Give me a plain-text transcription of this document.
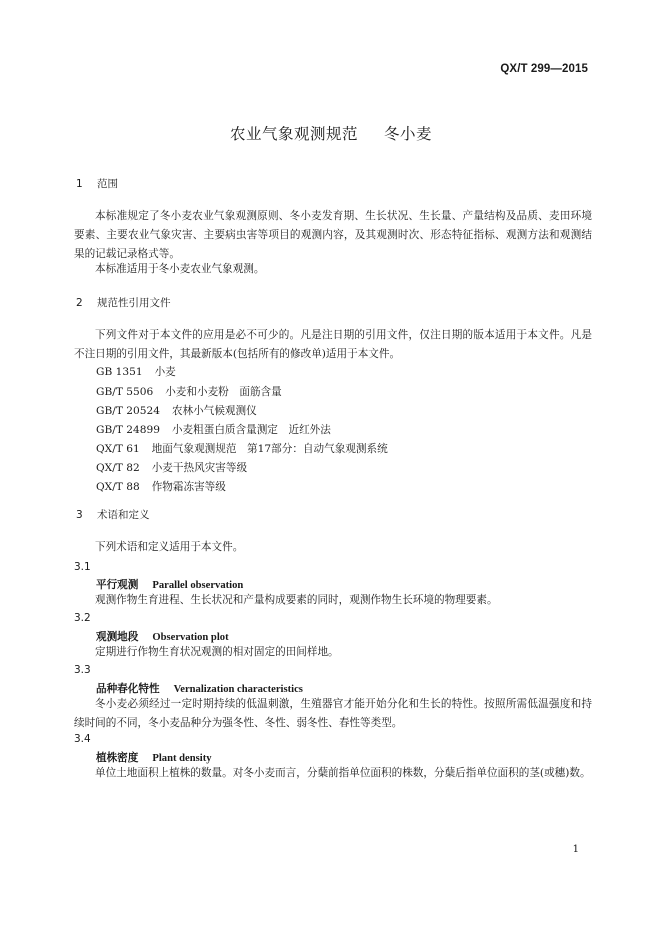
QX/T 299—2015
农业气象观测规范 冬小麦
1 范围
本标准规定了冬小麦农业气象观测原则、冬小麦发育期、生长状况、生长量、产量结构及品质、麦田环境要素、主要农业气象灾害、主要病虫害等项目的观测内容，及其观测时次、形态特征指标、观测方法和观测结果的记载记录格式等。
本标准适用于冬小麦农业气象观测。
2 规范性引用文件
下列文件对于本文件的应用是必不可少的。凡是注日期的引用文件，仅注日期的版本适用于本文件。凡是不注日期的引用文件，其最新版本(包括所有的修改单)适用于本文件。
GB 1351 小麦
GB/T 5506 小麦和小麦粉　面筋含量
GB/T 20524 农林小气候观测仪
GB/T 24899 小麦粗蛋白质含量测定　近红外法
QX/T 61 地面气象观测规范　第17部分：自动气象观测系统
QX/T 82 小麦干热风灾害等级
QX/T 88 作物霜冻害等级
3 术语和定义
下列术语和定义适用于本文件。
3.1
平行观测 Parallel observation
观测作物生育进程、生长状况和产量构成要素的同时，观测作物生长环境的物理要素。
3.2
观测地段 Observation plot
定期进行作物生育状况观测的相对固定的田间样地。
3.3
品种春化特性 Vernalization characteristics
冬小麦必须经过一定时期持续的低温刺激，生殖器官才能开始分化和生长的特性。按照所需低温强度和持续时间的不同，冬小麦品种分为强冬性、冬性、弱冬性、春性等类型。
3.4
植株密度 Plant density
单位土地面积上植株的数量。对冬小麦而言，分蘖前指单位面积的株数，分蘖后指单位面积的茎(或穗)数。
1
